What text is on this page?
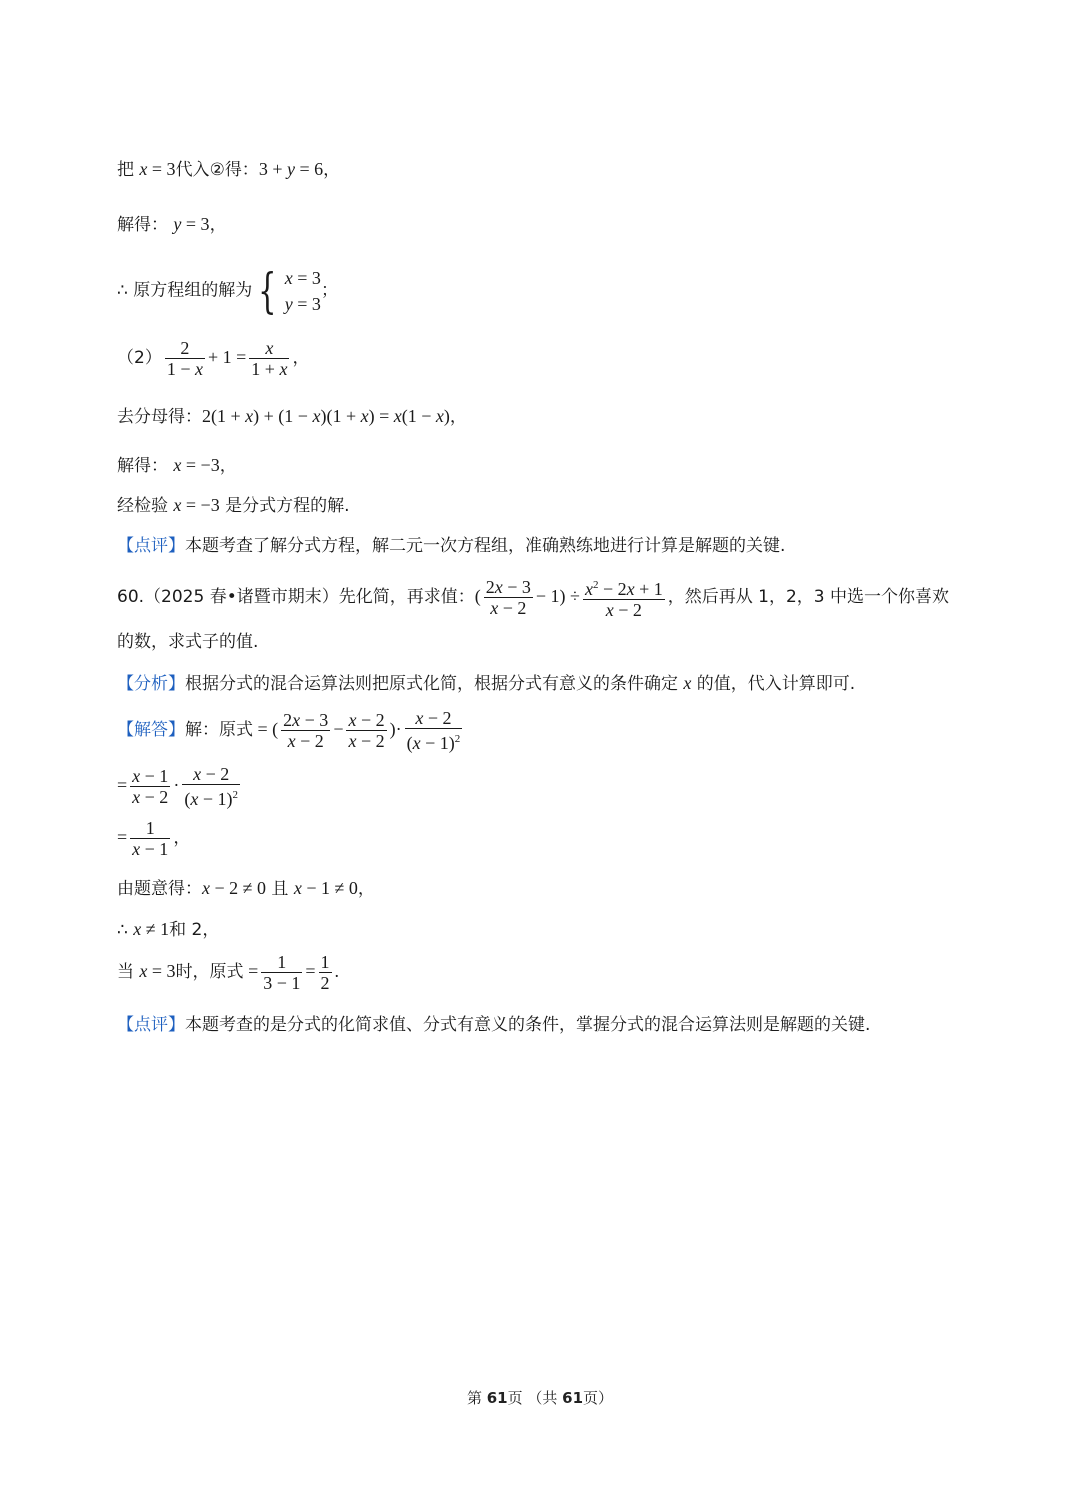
把 x = 3代入②得：3 + y = 6，
解得： y = 3，
∴ 原方程组的解为 { x = 3
y = 3
；
$(2) \frac{2}{1 - x} + 1 = \frac{x}{1 + x}$ ，
去分母得：2(1 + x) + (1 − x)(1 + x) = x(1 − x)，
解得： x = −3，
经检验 x = −3 是分式方程的解.
【点评】本题考查了解分式方程，解二元一次方程组，准确熟练地进行计算是解题的关键.
60.（2025 春•诸暨市期末）先化简，再求值：( $\frac{2x - 3}{x - 2} - 1) \div \frac{x^2 - 2x + 1}{x - 2}$ ，然后再从 1，2，3 中选一个你喜欢
的数，求式子的值.
【分析】根据分式的混合运算法则把原式化简，根据分式有意义的条件确定 x 的值，代入计算即可.
【解答】解：原式 = ( $\frac{2x - 3}{x - 2} - \frac{x - 2}{x - 2}$ )· $\frac{x - 2}{(x - 1)^2}$
= $\frac{x - 1}{x - 2} \cdot \frac{x - 2}{(x - 1)^2}$
= $\frac{1}{x - 1}$ ，
由题意得：x − 2 ≠ 0 且 x − 1 ≠ 0，
∴ x ≠ 1和 2，
当 x = 3时，原式 = $\frac{1}{3 - 1} = \frac{1}{2}$ .
【点评】本题考查的是分式的化简求值、分式有意义的条件，掌握分式的混合运算法则是解题的关键.
第 61页 （共 61页）
